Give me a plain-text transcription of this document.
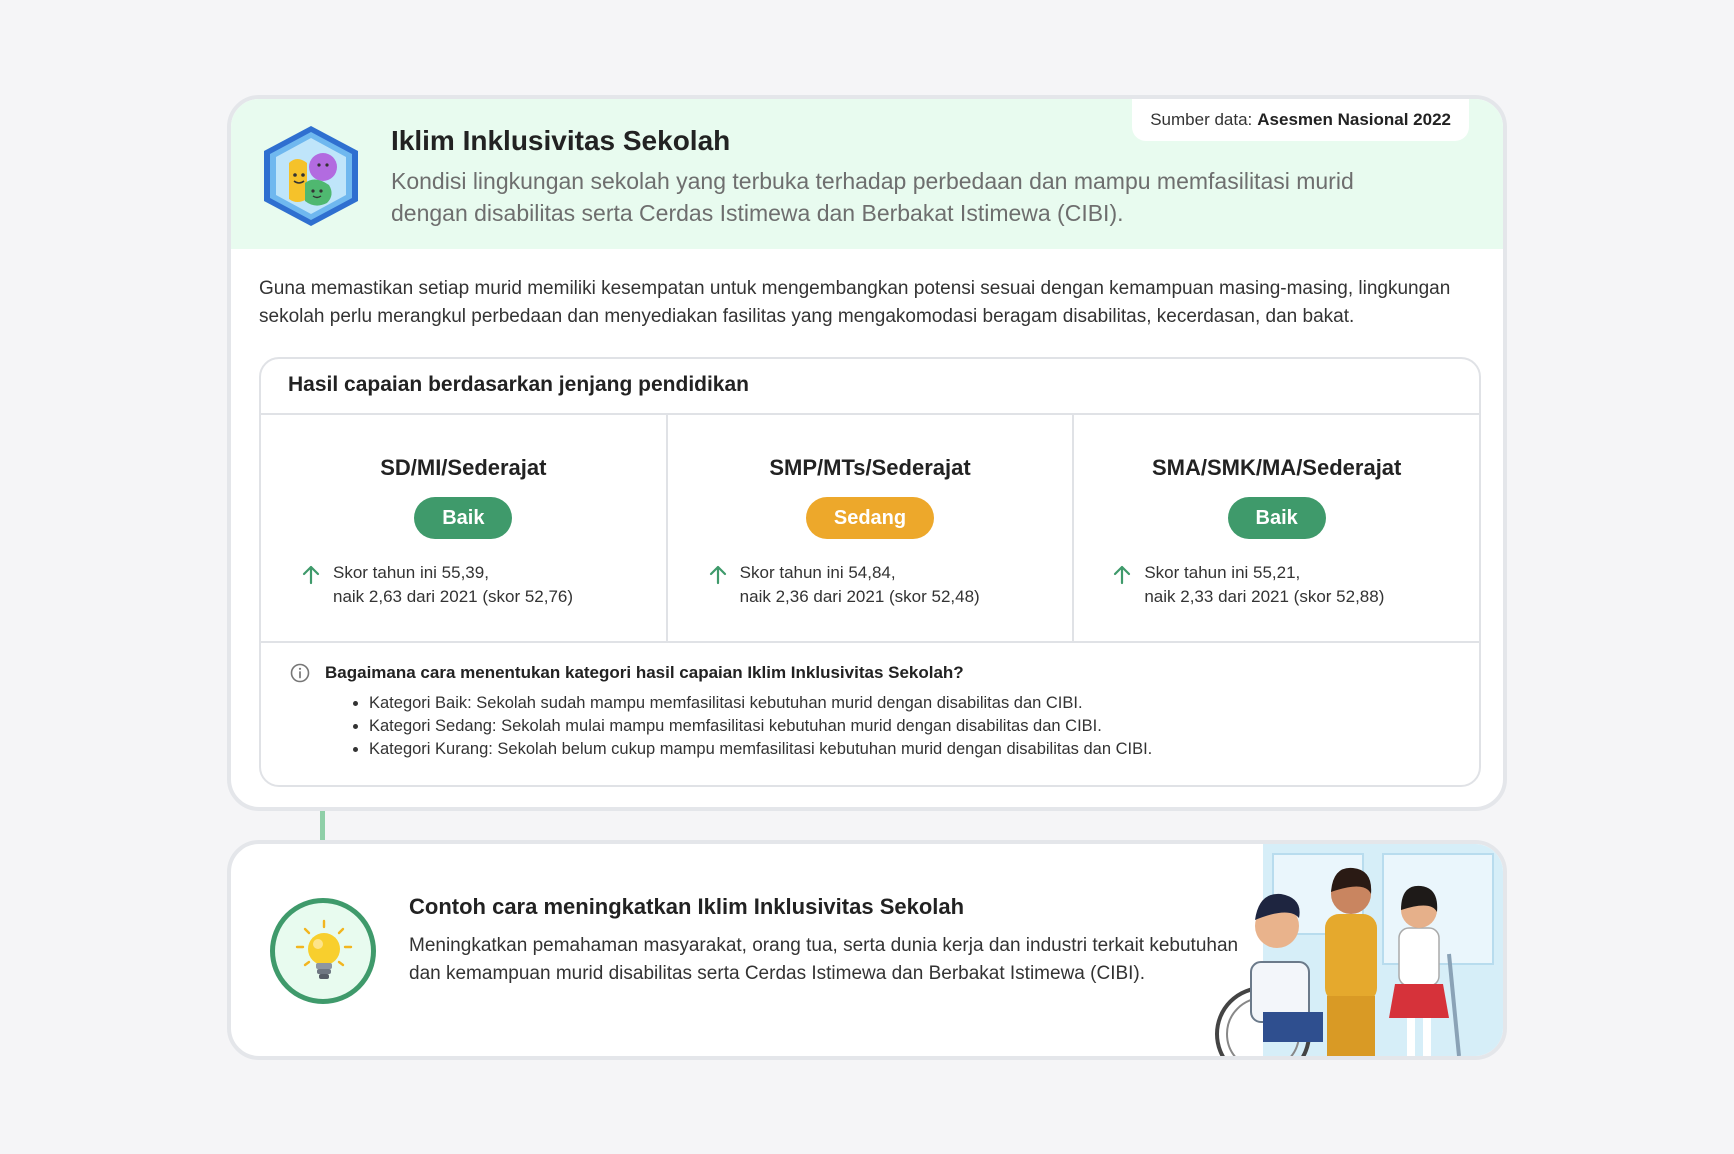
Sumber data: Asesmen Nasional 2022
Iklim Inklusivitas Sekolah
Kondisi lingkungan sekolah yang terbuka terhadap perbedaan dan mampu memfasilitasi murid dengan disabilitas serta Cerdas Istimewa dan Berbakat Istimewa (CIBI).

Guna memastikan setiap murid memiliki kesempatan untuk mengembangkan potensi sesuai dengan kemampuan masing-masing, lingkungan sekolah perlu merangkul perbedaan dan menyediakan fasilitas yang mengakomodasi beragam disabilitas, kecerdasan, dan bakat.

Hasil capaian berdasarkan jenjang pendidikan
SD/MI/Sederajat
Baik
Skor tahun ini 55,39,
naik 2,63 dari 2021 (skor 52,76)
SMP/MTs/Sederajat
Sedang
Skor tahun ini 54,84,
naik 2,36 dari 2021 (skor 52,48)
SMA/SMK/MA/Sederajat
Baik
Skor tahun ini 55,21,
naik 2,33 dari 2021 (skor 52,88)
Bagaimana cara menentukan kategori hasil capaian Iklim Inklusivitas Sekolah?
• Kategori Baik: Sekolah sudah mampu memfasilitasi kebutuhan murid dengan disabilitas dan CIBI.
• Kategori Sedang: Sekolah mulai mampu memfasilitasi kebutuhan murid dengan disabilitas dan CIBI.
• Kategori Kurang: Sekolah belum cukup mampu memfasilitasi kebutuhan murid dengan disabilitas dan CIBI.
Contoh cara meningkatkan Iklim Inklusivitas Sekolah

Meningkatkan pemahaman masyarakat, orang tua, serta dunia kerja dan industri terkait kebutuhan dan kemampuan murid disabilitas serta Cerdas Istimewa dan Berbakat Istimewa (CIBI).
